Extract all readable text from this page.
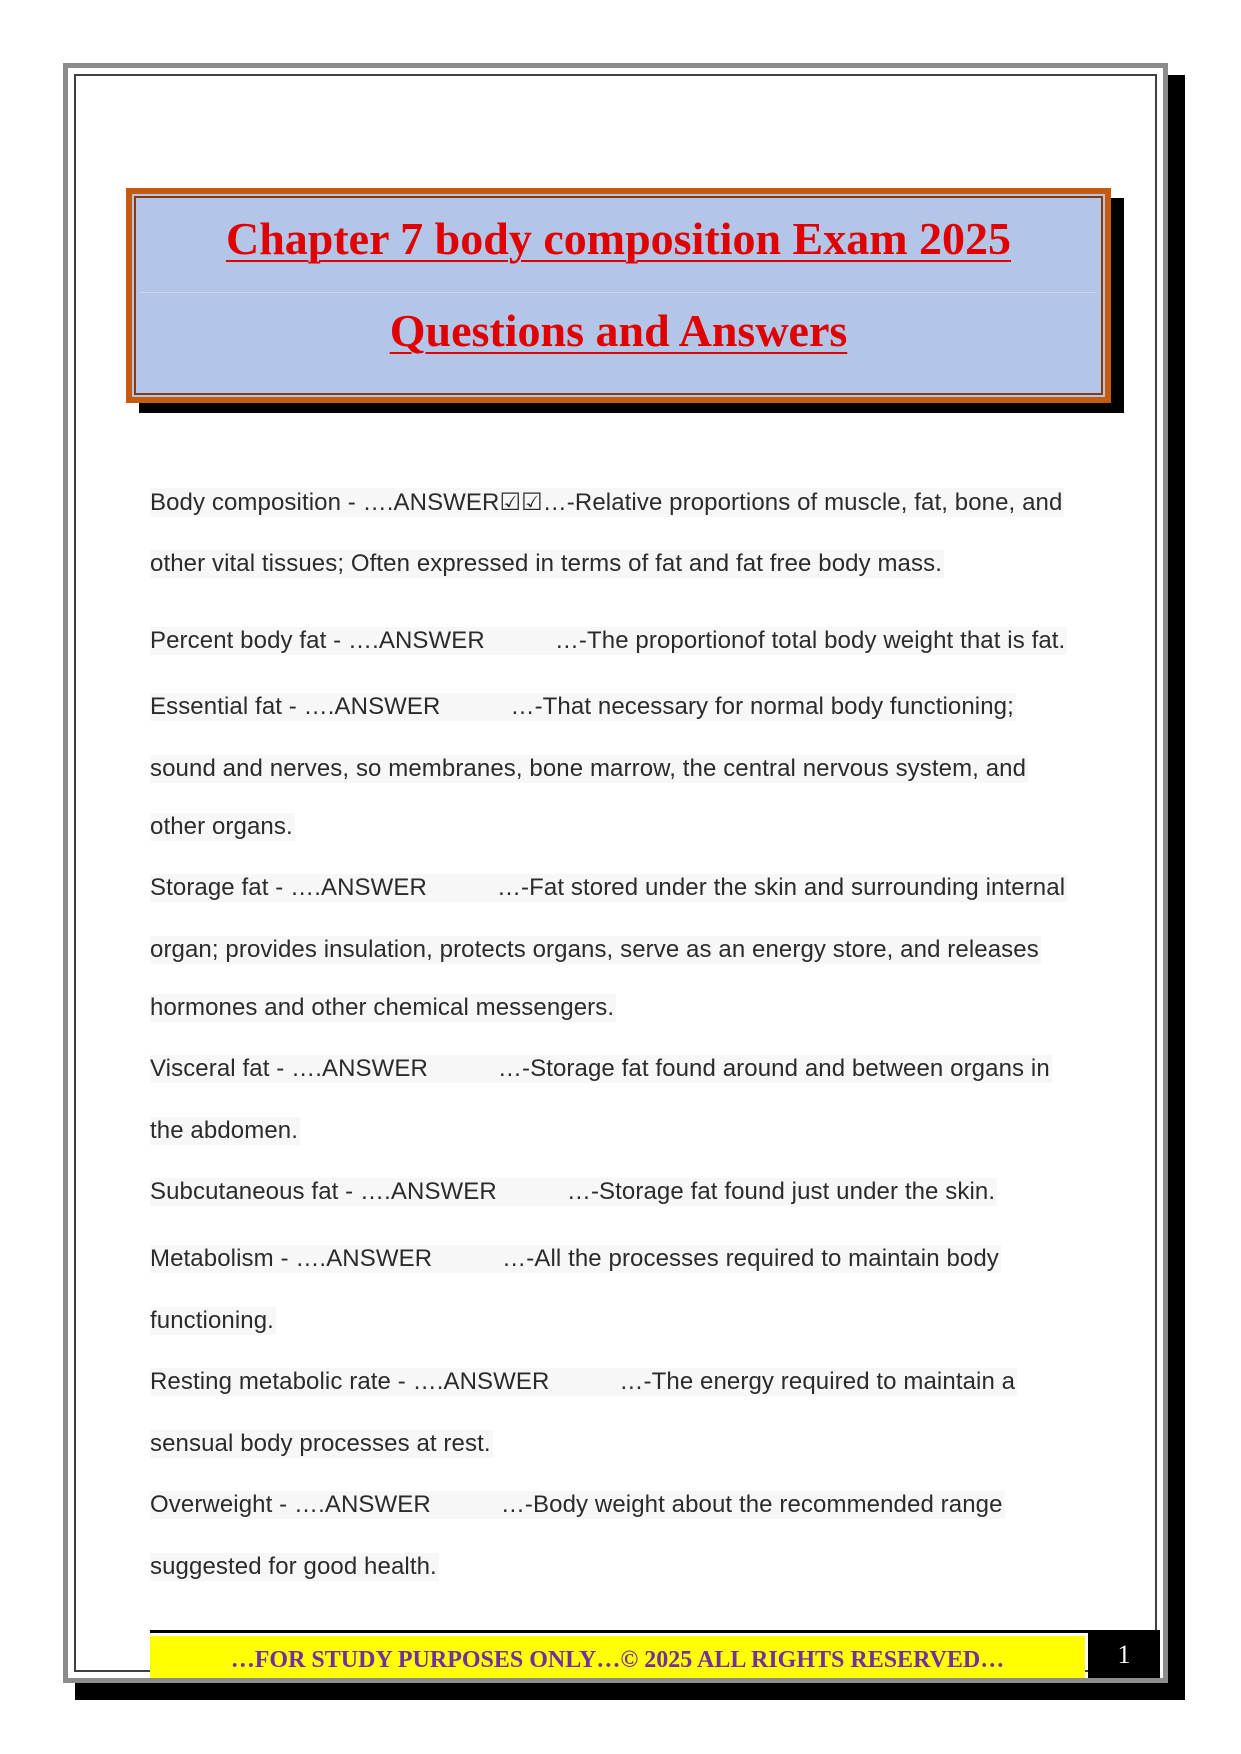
Chapter 7 body composition Exam 2025
Questions and Answers
Body composition - ….ANSWER☑☑…-Relative proportions of muscle, fat, bone, and
other vital tissues; Often expressed in terms of fat and fat free body mass.
Percent body fat - ….ANSWER	…-The proportionof total body weight that is fat.
Essential fat - ….ANSWER	…-That necessary for normal body functioning;
sound and nerves, so membranes, bone marrow, the central nervous system, and
other organs.
Storage fat - ….ANSWER	…-Fat stored under the skin and surrounding internal
organ; provides insulation, protects organs, serve as an energy store, and releases
hormones and other chemical messengers.
Visceral fat - ….ANSWER	…-Storage fat found around and between organs in
the abdomen.
Subcutaneous fat - ….ANSWER	…-Storage fat found just under the skin.
Metabolism - ….ANSWER	…-All the processes required to maintain body
functioning.
Resting metabolic rate - ….ANSWER	…-The energy required to maintain a
sensual body processes at rest.
Overweight - ….ANSWER	…-Body weight about the recommended range
suggested for good health.
…FOR STUDY PURPOSES ONLY…© 2025 ALL RIGHTS RESERVED…	1
